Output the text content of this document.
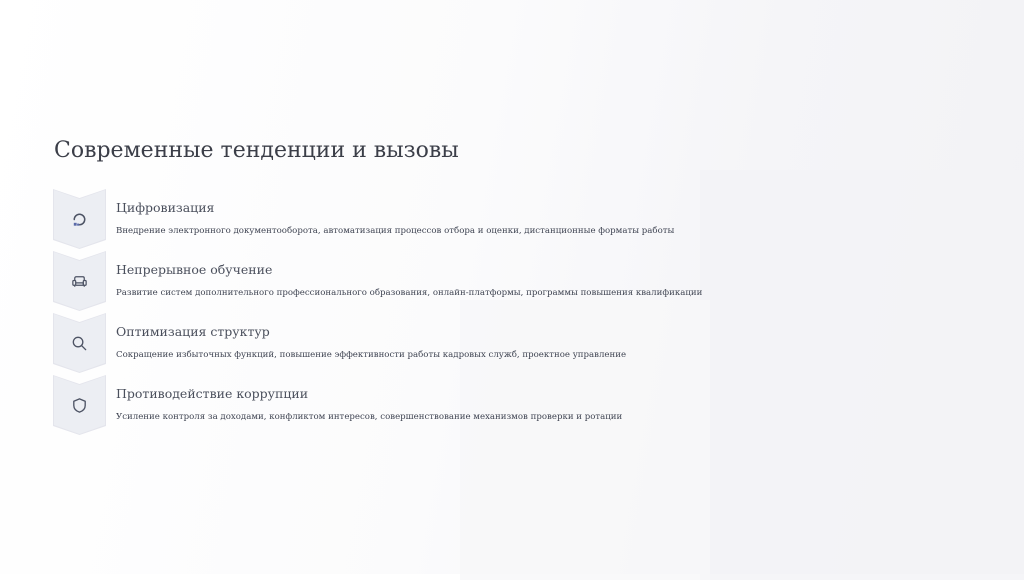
Современные тенденции и вызовы
Цифровизация
Внедрение электронного документооборота, автоматизация процессов отбора и оценки, дистанционные форматы работы
Непрерывное обучение
Развитие систем дополнительного профессионального образования, онлайн-платформы, программы повышения квалификации
Оптимизация структур
Сокращение избыточных функций, повышение эффективности работы кадровых служб, проектное управление
Противодействие коррупции
Усиление контроля за доходами, конфликтом интересов, совершенствование механизмов проверки и ротации
